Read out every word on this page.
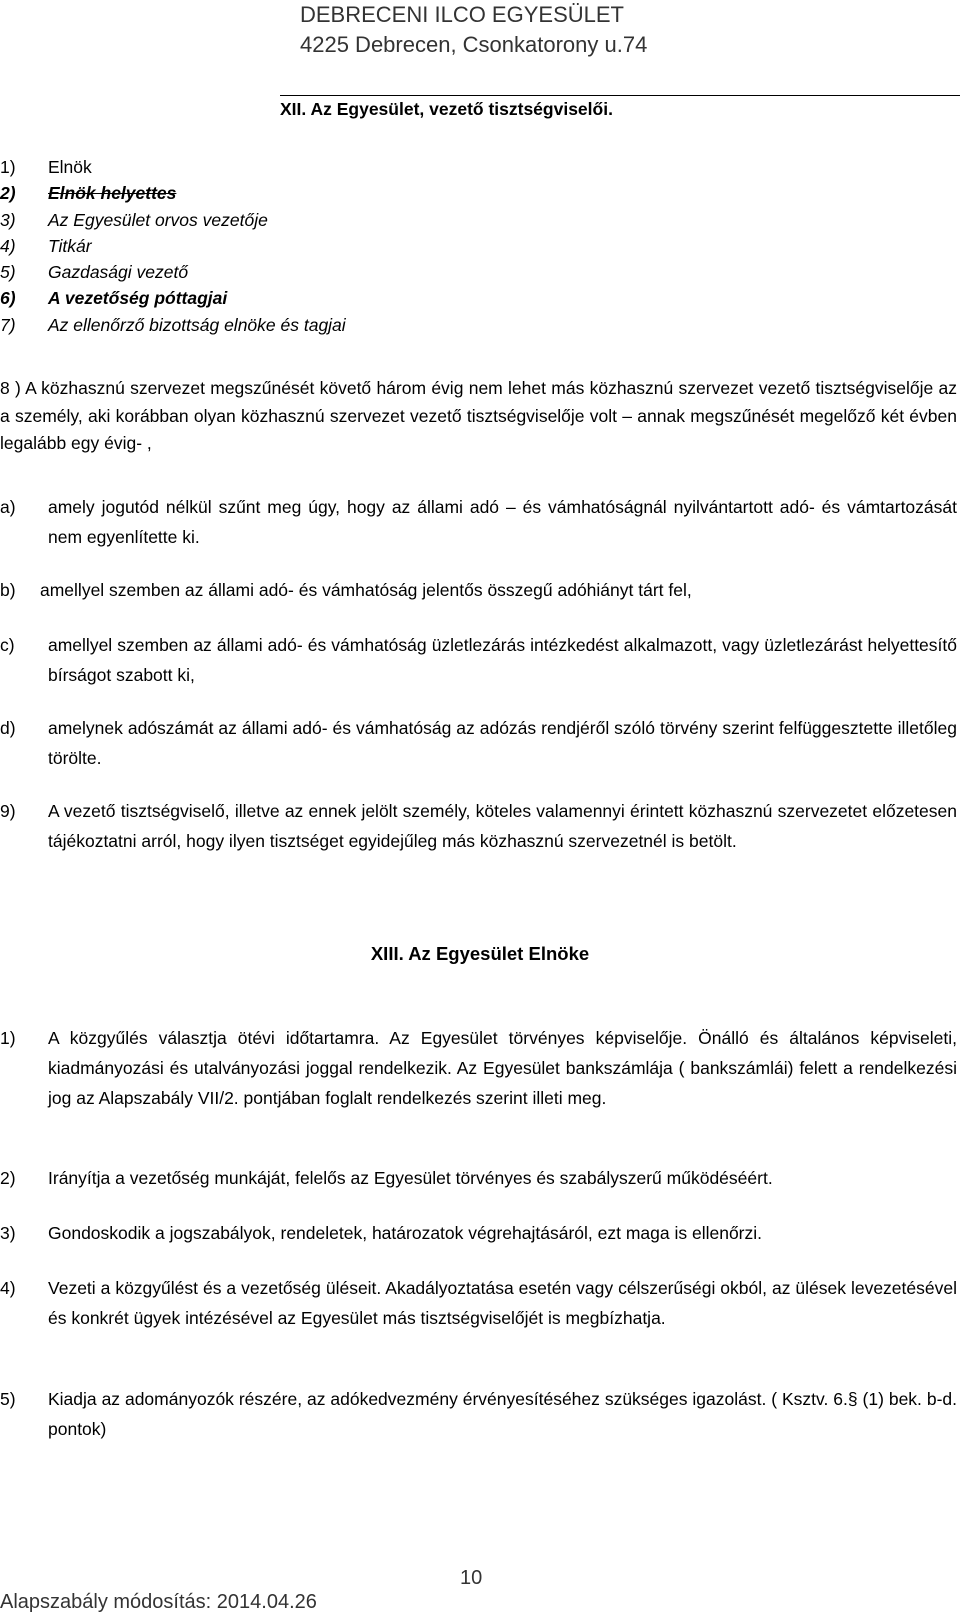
DEBRECENI ILCO EGYESÜLET
4225 Debrecen, Csonkatorony u.74
XII. Az Egyesület, vezető tisztségviselői.
1) Elnök
2) Elnök helyettes
3) Az Egyesület orvos vezetője
4) Titkár
5) Gazdasági vezető
6) A vezetőség póttagjai
7) Az ellenőrző bizottság elnöke és tagjai
8 ) A közhasznú szervezet megszűnését követő három évig nem lehet más közhasznú szervezet vezető tisztségviselője az a személy, aki korábban olyan közhasznú szervezet vezető tisztségviselője volt – annak megszűnését megelőző két évben legalább egy évig- ,
a) amely jogutód nélkül szűnt meg úgy, hogy az állami adó – és vámhatóságnál nyilvántartott adó- és vámtartozását nem egyenlítette ki.
b) amellyel szemben az állami adó- és vámhatóság jelentős összegű adóhiányt tárt fel,
c) amellyel szemben az állami adó- és vámhatóság üzletlezárás intézkedést alkalmazott, vagy üzletlezárást helyettesítő bírságot szabott ki,
d) amelynek adószámát az állami adó- és vámhatóság az adózás rendjéről szóló törvény szerint felfüggesztette illetőleg törölte.
9) A vezető tisztségviselő, illetve az ennek jelölt személy, köteles valamennyi érintett közhasznú szervezetet előzetesen tájékoztatni arról, hogy ilyen tisztséget egyidejűleg más közhasznú szervezetnél is betölt.
XIII. Az Egyesület Elnöke
1) A közgyűlés választja ötévi időtartamra. Az Egyesület törvényes képviselője. Önálló és általános képviseleti, kiadmányozási és utalványozási joggal rendelkezik. Az Egyesület bankszámlája ( bankszámlái) felett a rendelkezési jog az Alapszabály VII/2. pontjában foglalt rendelkezés szerint illeti meg.
2) Irányítja a vezetőség munkáját, felelős az Egyesület törvényes és szabályszerű működéséért.
3) Gondoskodik a jogszabályok, rendeletek, határozatok végrehajtásáról, ezt maga is ellenőrzi.
4) Vezeti a közgyűlést és a vezetőség üléseit. Akadályoztatása esetén vagy célszerűségi okból, az ülések levezetésével és konkrét ügyek intézésével az Egyesület más tisztségviselőjét is megbízhatja.
5) Kiadja az adományozók részére, az adókedvezmény érvényesítéséhez szükséges igazolást. ( Ksztv. 6.§ (1) bek. b-d. pontok)
10
Alapszabály módosítás: 2014.04.26
